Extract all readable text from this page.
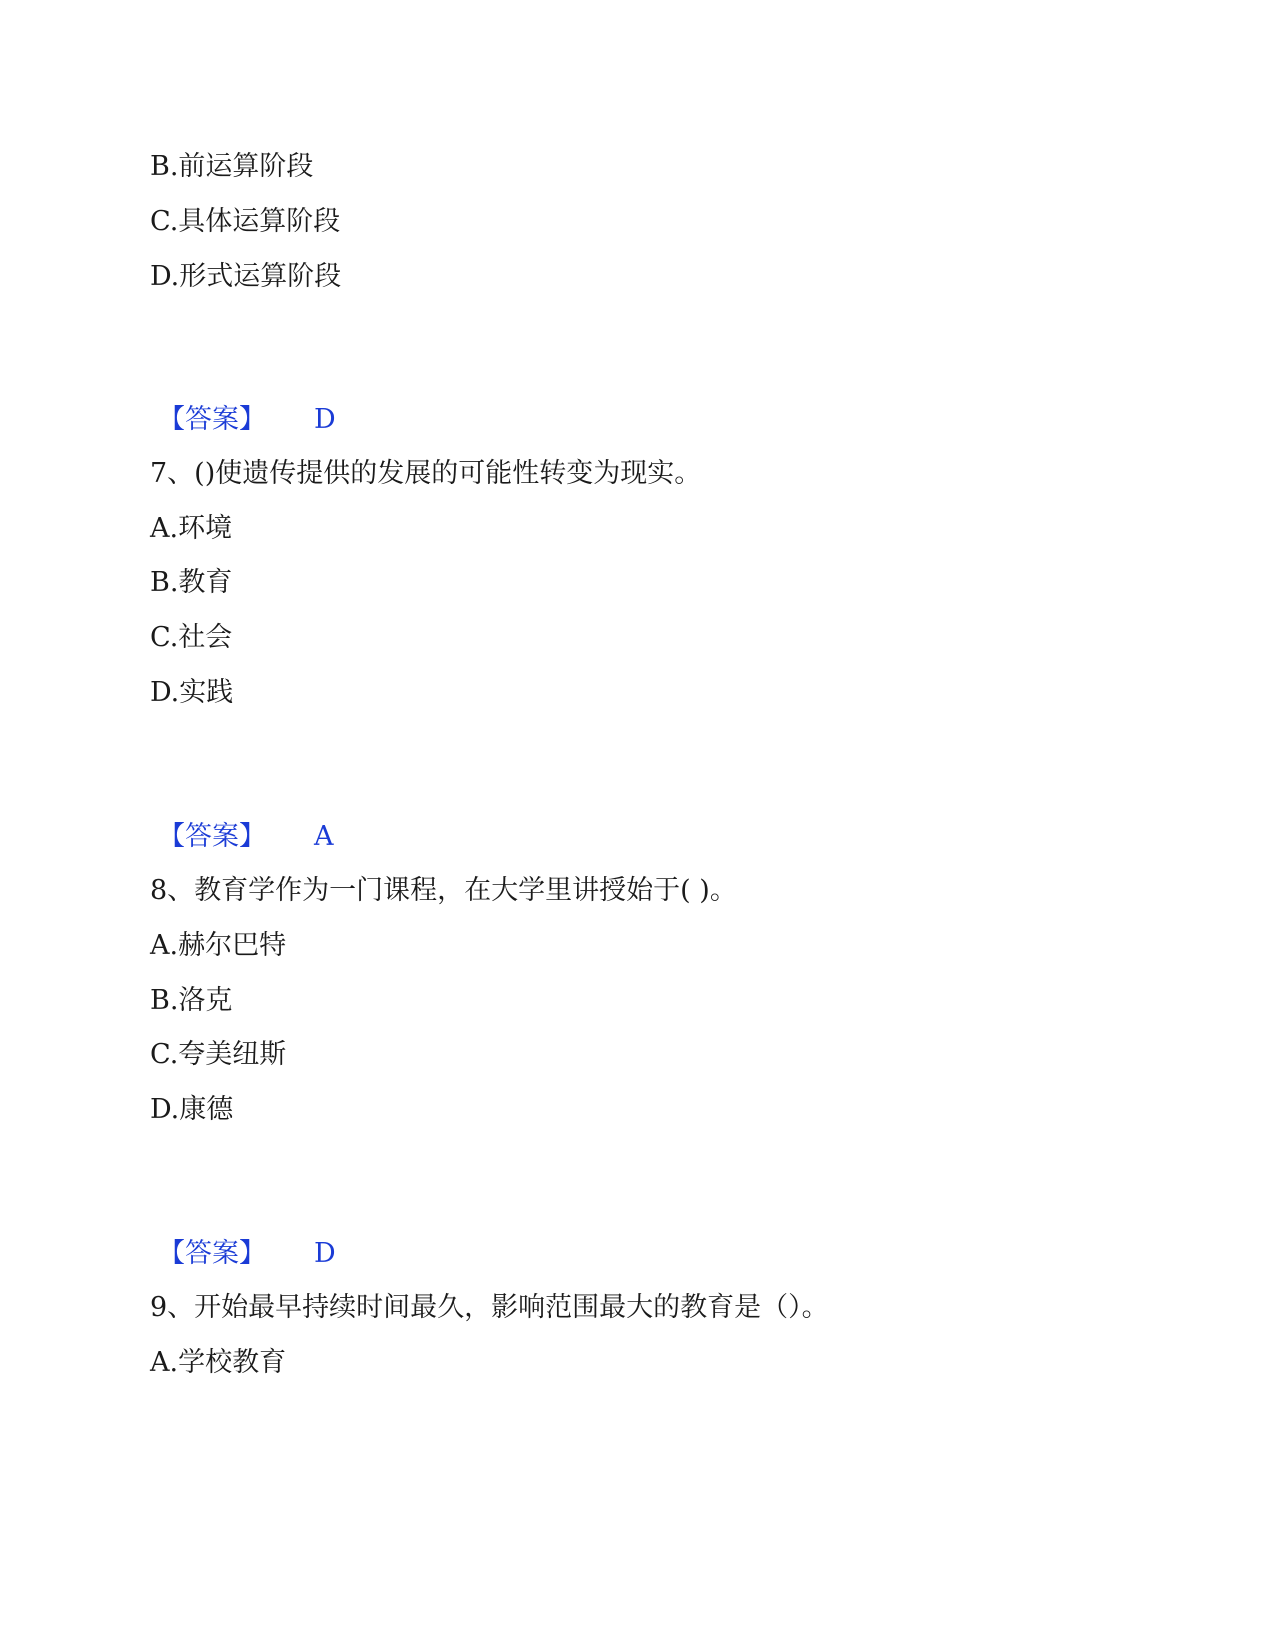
B.前运算阶段
C.具体运算阶段
D.形式运算阶段
【答案】 D
7、()使遗传提供的发展的可能性转变为现实。
A.环境
B.教育
C.社会
D.实践
【答案】 A
8、教育学作为一门课程，在大学里讲授始于( )。
A.赫尔巴特
B.洛克
C.夸美纽斯
D.康德
【答案】 D
9、开始最早持续时间最久，影响范围最大的教育是（）。
A.学校教育
